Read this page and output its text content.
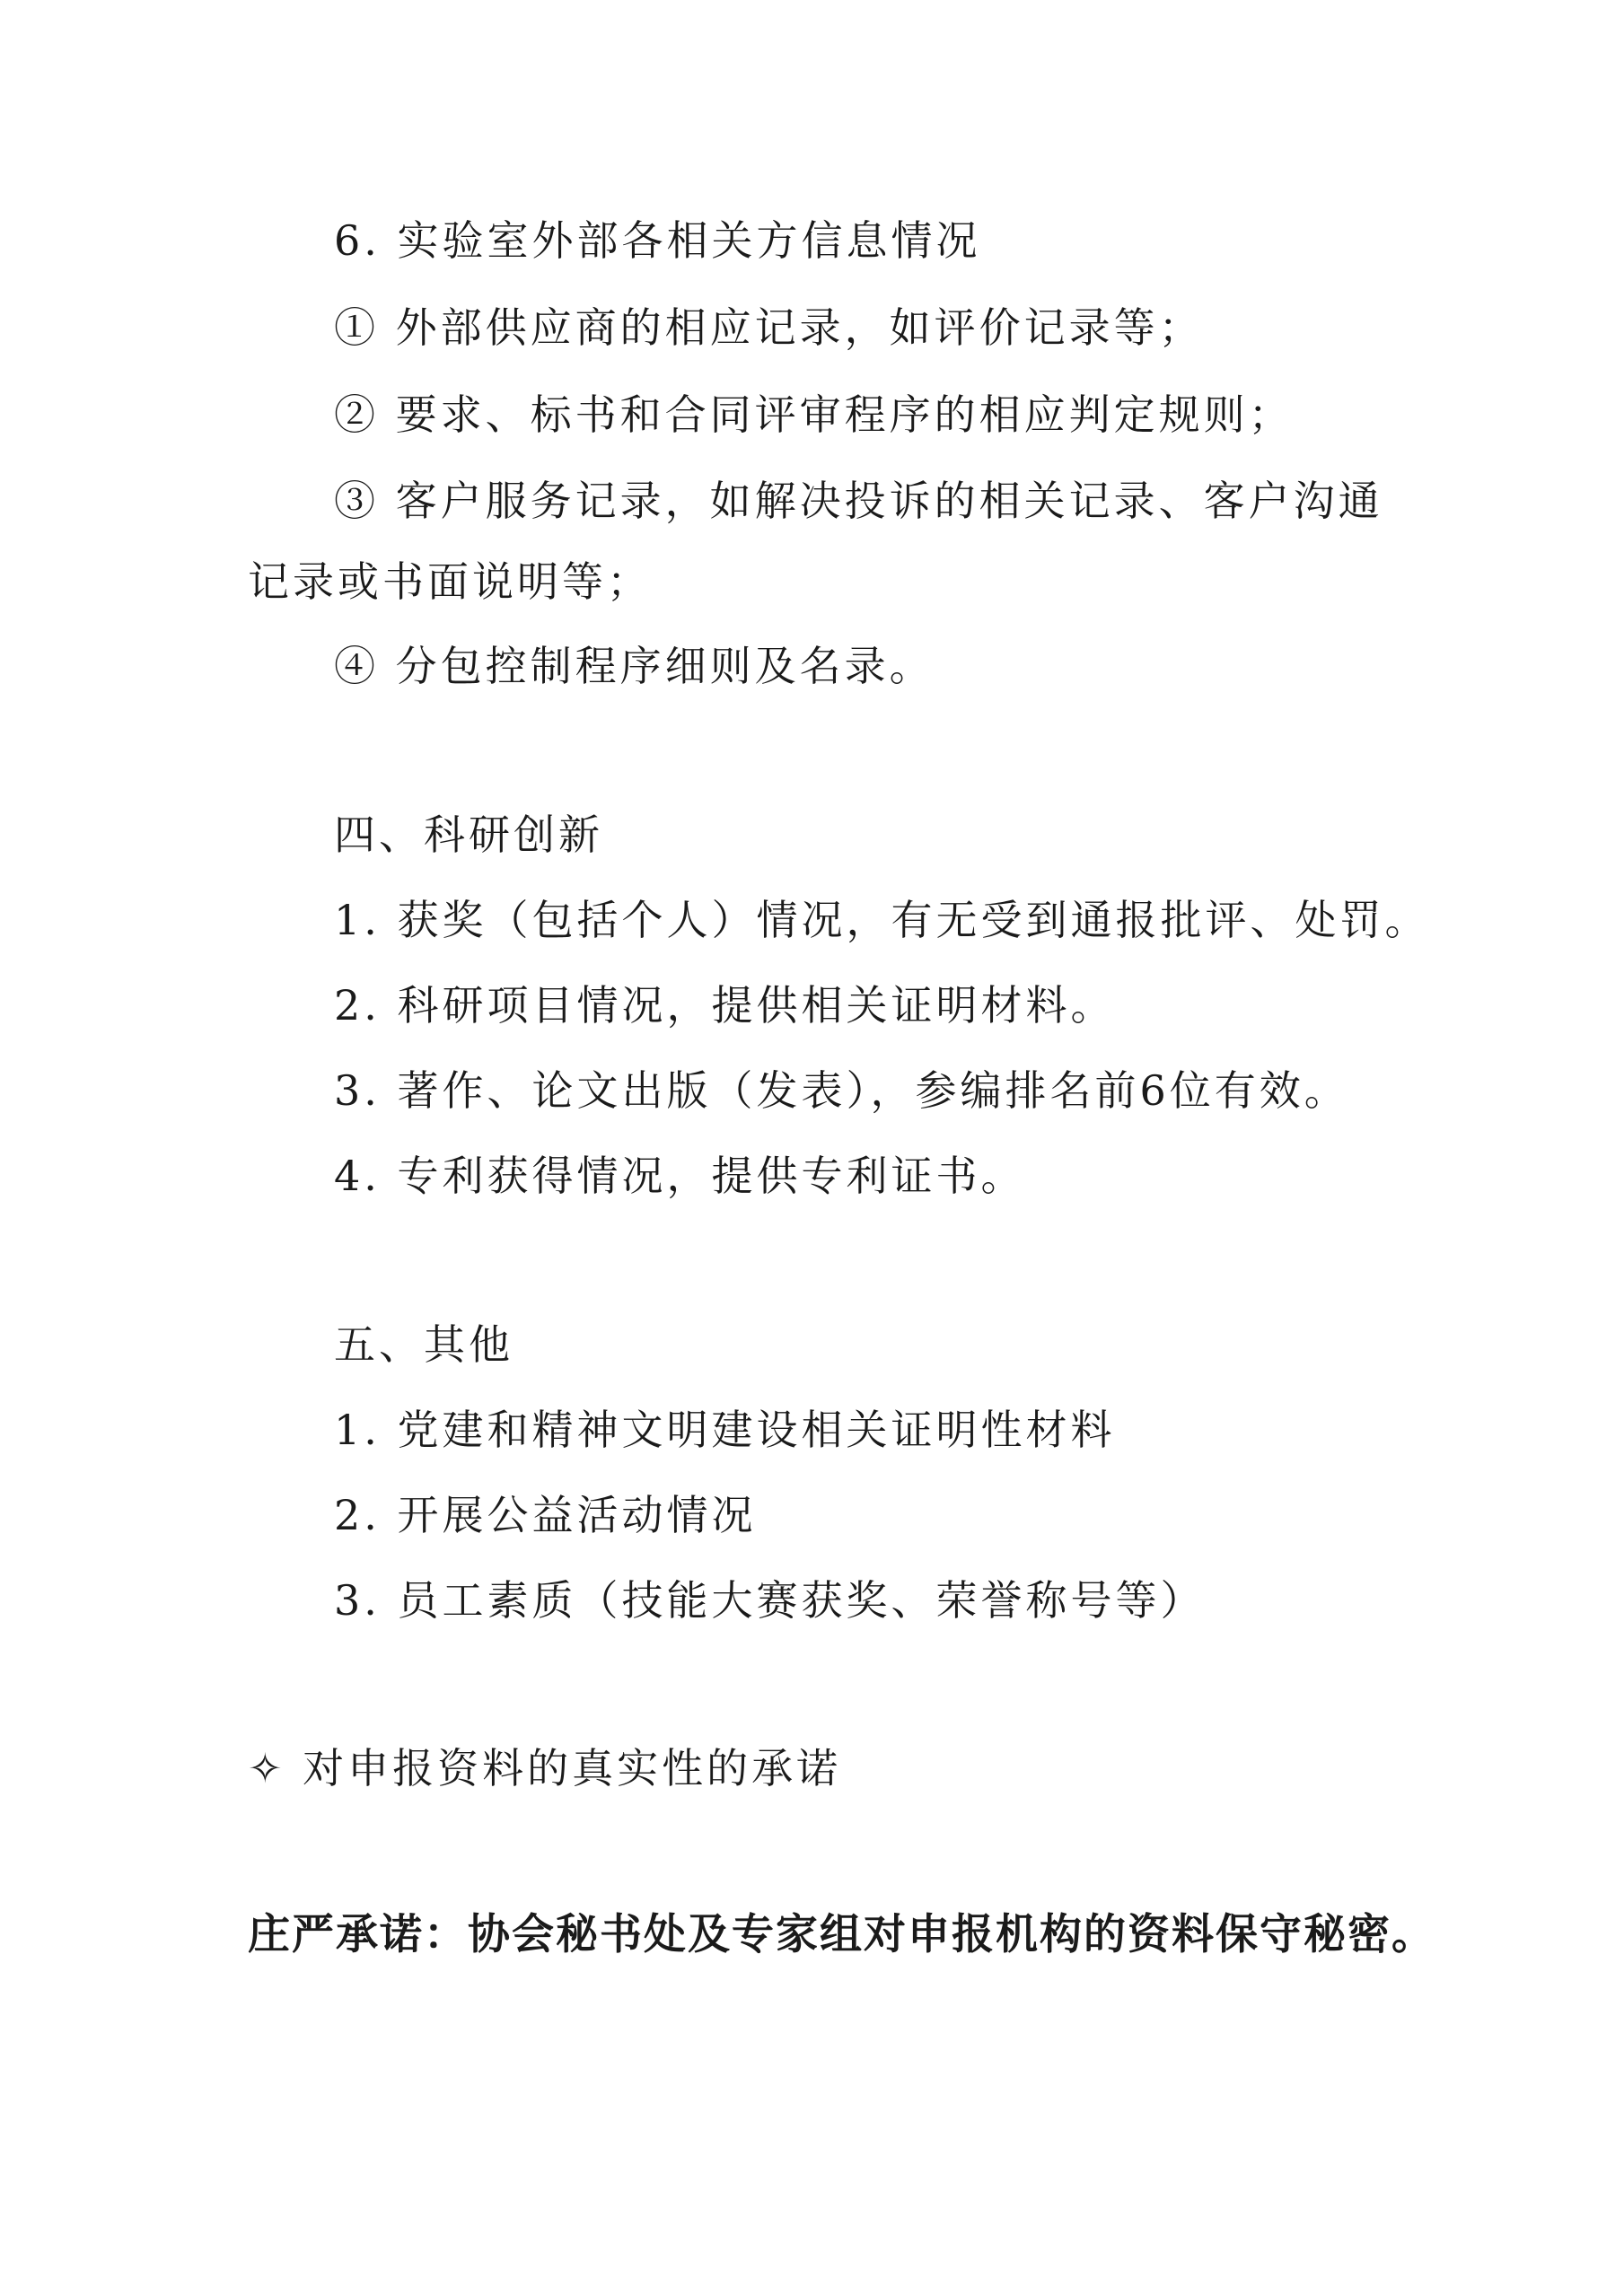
6. 实验室外部各相关方信息情况
① 外部供应商的相应记录，如评价记录等；
② 要求、标书和合同评审程序的相应判定规则；
③ 客户服务记录，如解决投诉的相关记录、客户沟通
记录或书面说明等；
④ 分包控制程序细则及名录。
四、科研创新
1. 获奖（包括个人）情况，有无受到通报批评、处罚。
2. 科研项目情况，提供相关证明材料。
3. 著作、论文出版（发表），参编排名前6位有效。
4. 专利获得情况，提供专利证书。
五、其他
1. 党建和精神文明建设相关证明性材料
2. 开展公益活动情况
3. 员工素质（技能大赛获奖、荣誉称号等）
✧ 对申报资料的真实性的承诺
庄严承诺：协会秘书处及专家组对申报机构的资料保守秘密。
